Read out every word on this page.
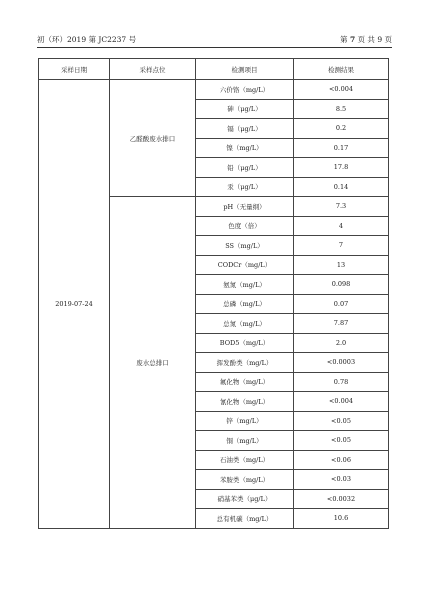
初（环）2019 第 JC2237 号	第 7 页 共 9 页
采样日期	采样点位	检测项目	检测结果
2019-07-24	乙醛酸废水排口	六价铬（mg/L）	<0.004
		砷（μg/L）	8.5
		镉（μg/L）	0.2
		镍（mg/L）	0.17
		铅（μg/L）	17.8
		汞（μg/L）	0.14
	废水总排口	pH（无量纲）	7.3
		色度（倍）	4
		SS（mg/L）	7
		CODCr（mg/L）	13
		氨氮（mg/L）	0.098
		总磷（mg/L）	0.07
		总氮（mg/L）	7.87
		BOD5（mg/L）	2.0
		挥发酚类（mg/L）	<0.0003
		氟化物（mg/L）	0.78
		氰化物（mg/L）	<0.004
		锌（mg/L）	<0.05
		铜（mg/L）	<0.05
		石油类（mg/L）	<0.06
		苯胺类（mg/L）	<0.03
		硝基苯类（μg/L）	<0.0032
		总有机碳（mg/L）	10.6
